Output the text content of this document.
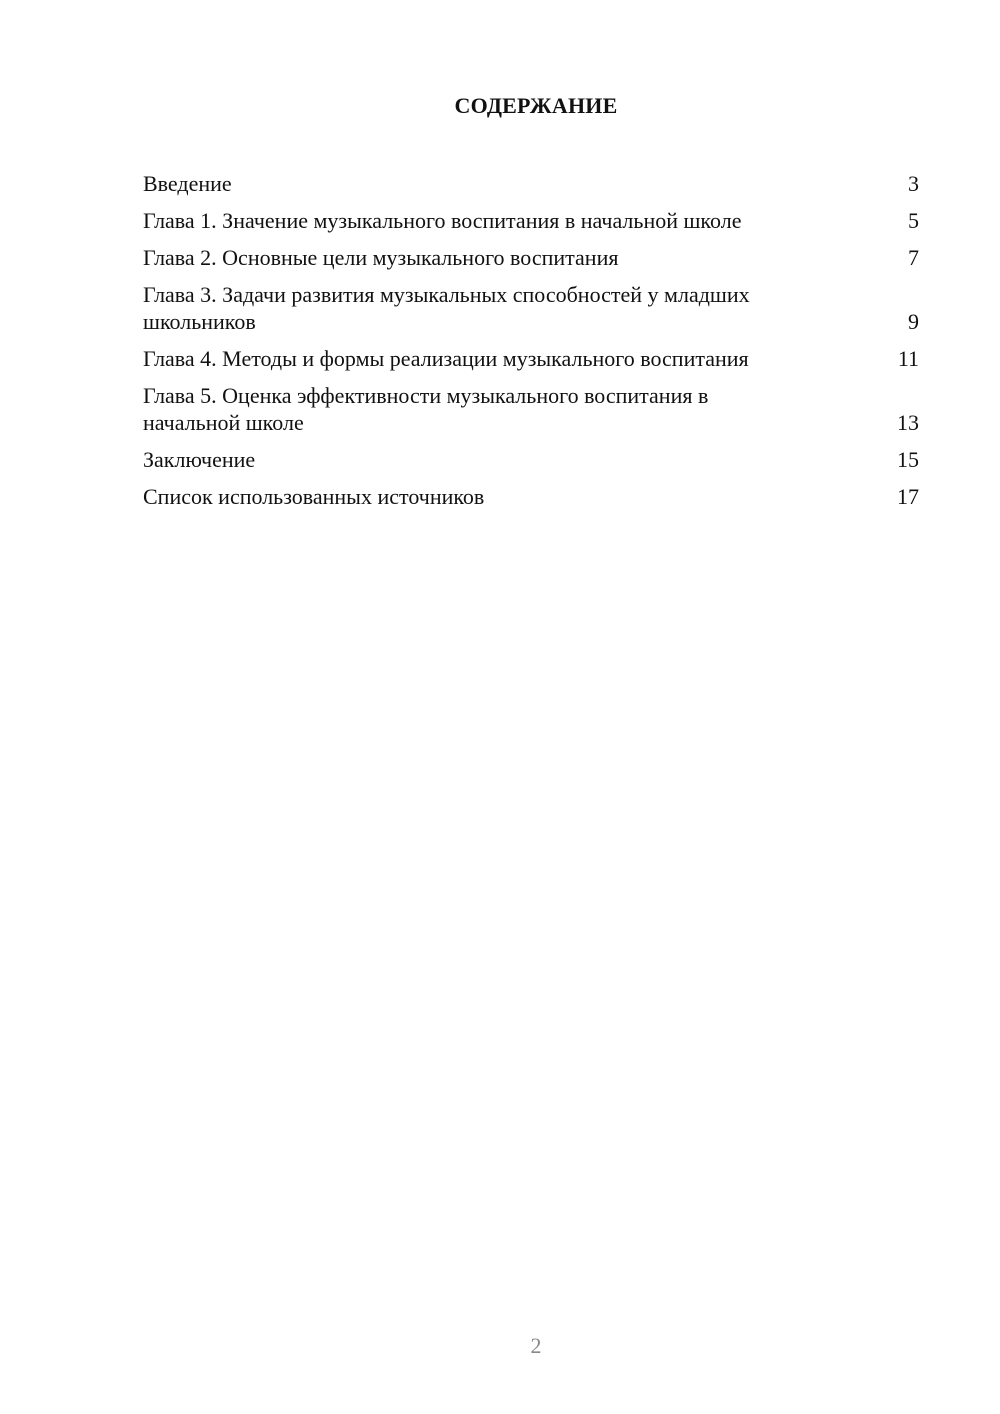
СОДЕРЖАНИЕ
Введение	3
Глава 1. Значение музыкального воспитания в начальной школе	5
Глава 2. Основные цели музыкального воспитания	7
Глава 3. Задачи развития музыкальных способностей у младших школьников	9
Глава 4. Методы и формы реализации музыкального воспитания	11
Глава 5. Оценка эффективности музыкального воспитания в начальной школе	13
Заключение	15
Список использованных источников	17
2
